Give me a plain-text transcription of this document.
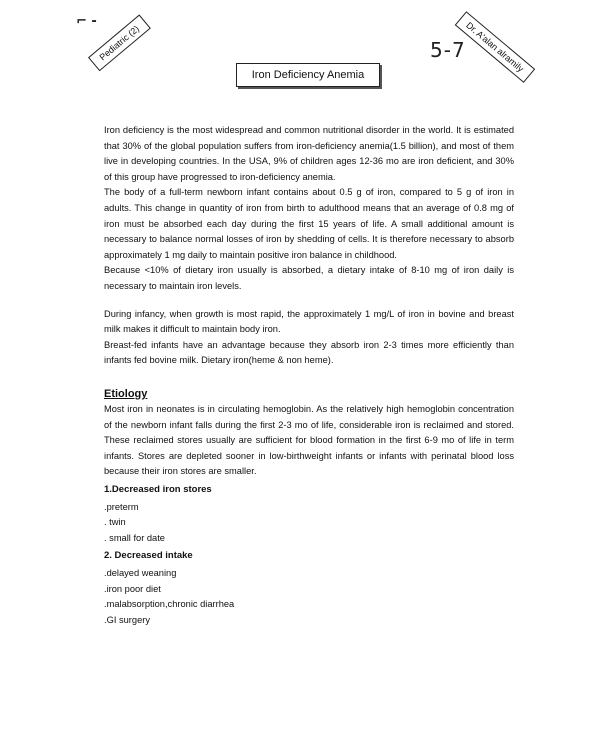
Pediatric (2)	Dr. A'alan alramily
⌐ -
5-7
Iron Deficiency Anemia

Iron deficiency is the most widespread and common nutritional disorder in the world. It is estimated that 30% of the global population suffers from iron-deficiency anemia(1.5 billion), and most of them live in developing countries. In the USA, 9% of children ages 12-36 mo are iron deficient, and 30% of this group have progressed to iron-deficiency anemia.

The body of a full-term newborn infant contains about 0.5 g of iron, compared to 5 g of iron in adults. This change in quantity of iron from birth to adulthood means that an average of 0.8 mg of iron must be absorbed each day during the first 15 years of life. A small additional amount is necessary to balance normal losses of iron by shedding of cells. It is therefore necessary to absorb approximately 1 mg daily to maintain positive iron balance in childhood.

Because <10% of dietary iron usually is absorbed, a dietary intake of 8-10 mg of iron daily is necessary to maintain iron levels.

During infancy, when growth is most rapid, the approximately 1 mg/L of iron in bovine and breast milk makes it difficult to maintain body iron.

Breast-fed infants have an advantage because they absorb iron 2-3 times more efficiently than infants fed bovine milk. Dietary iron(heme & non heme).

Etiology

Most iron in neonates is in circulating hemoglobin. As the relatively high hemoglobin concentration of the newborn infant falls during the first 2-3 mo of life, considerable iron is reclaimed and stored. These reclaimed stores usually are sufficient for blood formation in the first 6-9 mo of life in term infants. Stores are depleted sooner in low-birthweight infants or infants with perinatal blood loss because their iron stores are smaller.

1.Decreased iron stores
.preterm
. twin
. small for date
2. Decreased intake
.delayed weaning
.iron poor diet
.malabsorption,chronic diarrhea
.GI surgery
